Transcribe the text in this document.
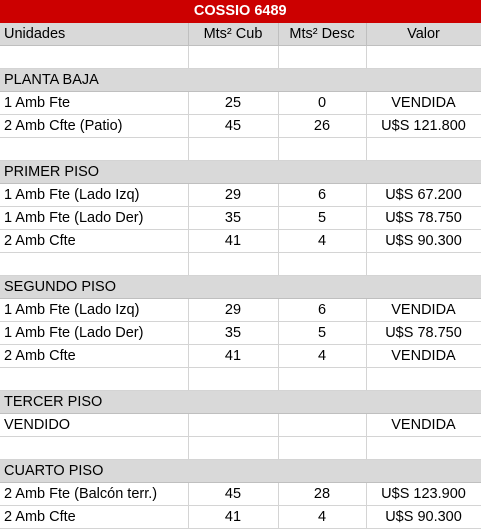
COSSIO 6489			
Unidades	Mts² Cub	Mts² Desc	Valor

PLANTA BAJA			
1 Amb Fte	25	0	VENDIDA
2 Amb Cfte (Patio)	45	26	U$S 121.800

PRIMER PISO			
1 Amb Fte (Lado Izq)	29	6	U$S 67.200
1 Amb Fte (Lado Der)	35	5	U$S 78.750
2 Amb Cfte	41	4	U$S 90.300

SEGUNDO PISO			
1 Amb Fte (Lado Izq)	29	6	VENDIDA
1 Amb Fte (Lado Der)	35	5	U$S 78.750
2 Amb Cfte	41	4	VENDIDA

TERCER PISO			
VENDIDO			VENDIDA

CUARTO PISO			
2 Amb Fte (Balcón terr.)	45	28	U$S 123.900
2 Amb Cfte	41	4	U$S 90.300
